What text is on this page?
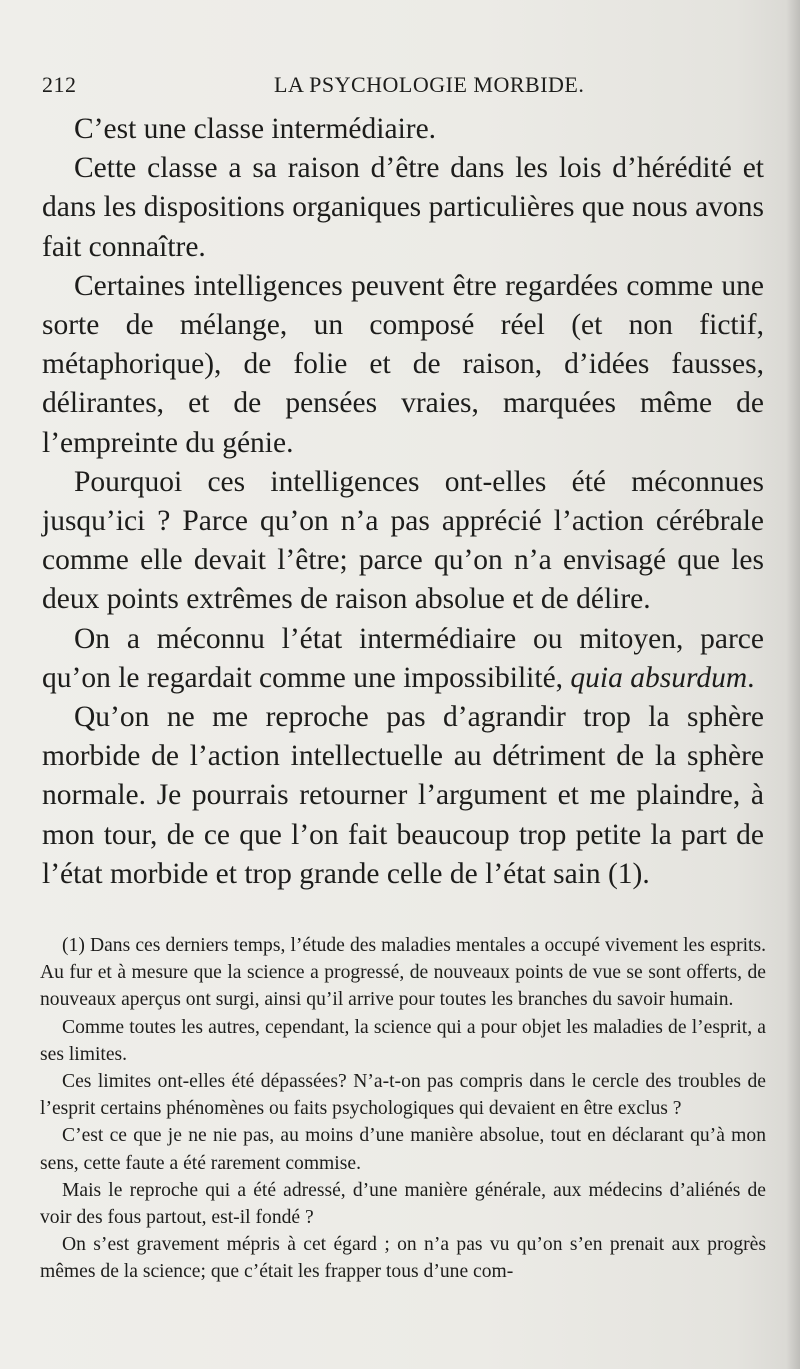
212	LA PSYCHOLOGIE MORBIDE.

C’est une classe intermédiaire.

Cette classe a sa raison d’être dans les lois d’hérédité et dans les dispositions organiques particulières que nous avons fait connaître.

Certaines intelligences peuvent être regardées comme une sorte de mélange, un composé réel (et non fictif, métaphorique), de folie et de raison, d’idées fausses, délirantes, et de pensées vraies, marquées même de l’empreinte du génie.

Pourquoi ces intelligences ont-elles été méconnues jusqu’ici ? Parce qu’on n’a pas apprécié l’action cérébrale comme elle devait l’être; parce qu’on n’a envisagé que les deux points extrêmes de raison absolue et de délire.

On a méconnu l’état intermédiaire ou mitoyen, parce qu’on le regardait comme une impossibilité, quia absurdum.

Qu’on ne me reproche pas d’agrandir trop la sphère morbide de l’action intellectuelle au détriment de la sphère normale. Je pourrais retourner l’argument et me plaindre, à mon tour, de ce que l’on fait beaucoup trop petite la part de l’état morbide et trop grande celle de l’état sain (1).

(1) Dans ces derniers temps, l’étude des maladies mentales a occupé vivement les esprits. Au fur et à mesure que la science a progressé, de nouveaux points de vue se sont offerts, de nouveaux aperçus ont surgi, ainsi qu’il arrive pour toutes les branches du savoir humain.

Comme toutes les autres, cependant, la science qui a pour objet les maladies de l’esprit, a ses limites.

Ces limites ont-elles été dépassées? N’a-t-on pas compris dans le cercle des troubles de l’esprit certains phénomènes ou faits psychologiques qui devaient en être exclus ?

C’est ce que je ne nie pas, au moins d’une manière absolue, tout en déclarant qu’à mon sens, cette faute a été rarement commise.

Mais le reproche qui a été adressé, d’une manière générale, aux médecins d’aliénés de voir des fous partout, est-il fondé ?

On s’est gravement mépris à cet égard ; on n’a pas vu qu’on s’en prenait aux progrès mêmes de la science; que c’était les frapper tous d’une com-
